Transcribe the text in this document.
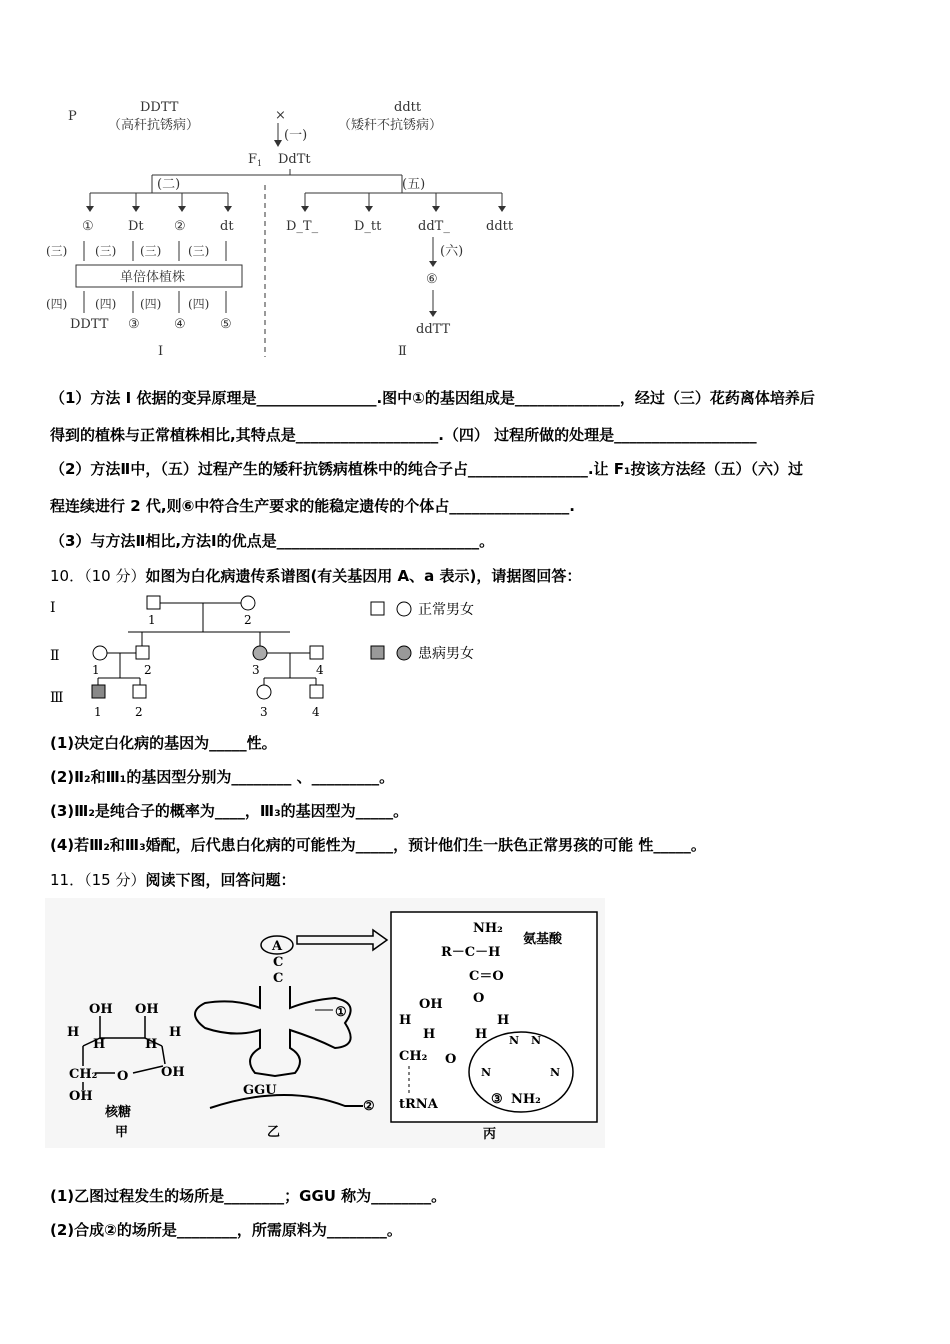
P
DDTT
（高秆抗锈病）
×
ddtt
（矮秆不抗锈病）
(一)
F 1 DdTt
(二)	(五)
①	Dt ②	dt
(三) (三) (三) (三)
单倍体植株
(四) (四) (四) (四)
DDTT ③	④	⑤
Ⅰ
D_T_	D_tt	ddT_	ddtt
(六)
⑥
ddTT
Ⅱ
（1）方法 I 依据的变异原理是________________.图中①的基因组成是______________，经过（三）花药离体培养后
得到的植株与正常植株相比,其特点是___________________.（四） 过程所做的处理是___________________
（2）方法Ⅱ中，（五）过程产生的矮秆抗锈病植株中的纯合子占________________.让 F₁按该方法经（五）（六）过
程连续进行 2 代,则⑥中符合生产要求的能稳定遗传的个体占________________.
（3）与方法Ⅱ相比,方法Ⅰ的优点是___________________________。
10．（10 分）如图为白化病遗传系谱图(有关基因用 A、a 表示)，请据图回答：
Ⅰ
Ⅱ
Ⅲ
1	2
1	2	3	4
1	2	3	4
正常男女
患病男女
(1)决定白化病的基因为_____性。
(2)Ⅱ₂和Ⅲ₁的基因型分别为________ 、_________。
(3)Ⅲ₂是纯合子的概率为____，Ⅲ₃的基因型为_____。
(4)若Ⅲ₂和Ⅲ₃婚配，后代患白化病的可能性为_____，预计他们生一肤色正常男孩的可能 性_____。
11．（15 分）阅读下图，回答问题：
OH OH
H
H	H
H
CH₂ O	OH
OH
核糖
甲
A
C
C
①
GGU
②
乙
NH₂
R－C－H
C＝O
O
氨基酸
OH
H
H	H
H
CH₂ O
tRNA
N N
N	N
③ NH₂
丙
(1)乙图过程发生的场所是________；GGU 称为________。
(2)合成②的场所是________，所需原料为________。
